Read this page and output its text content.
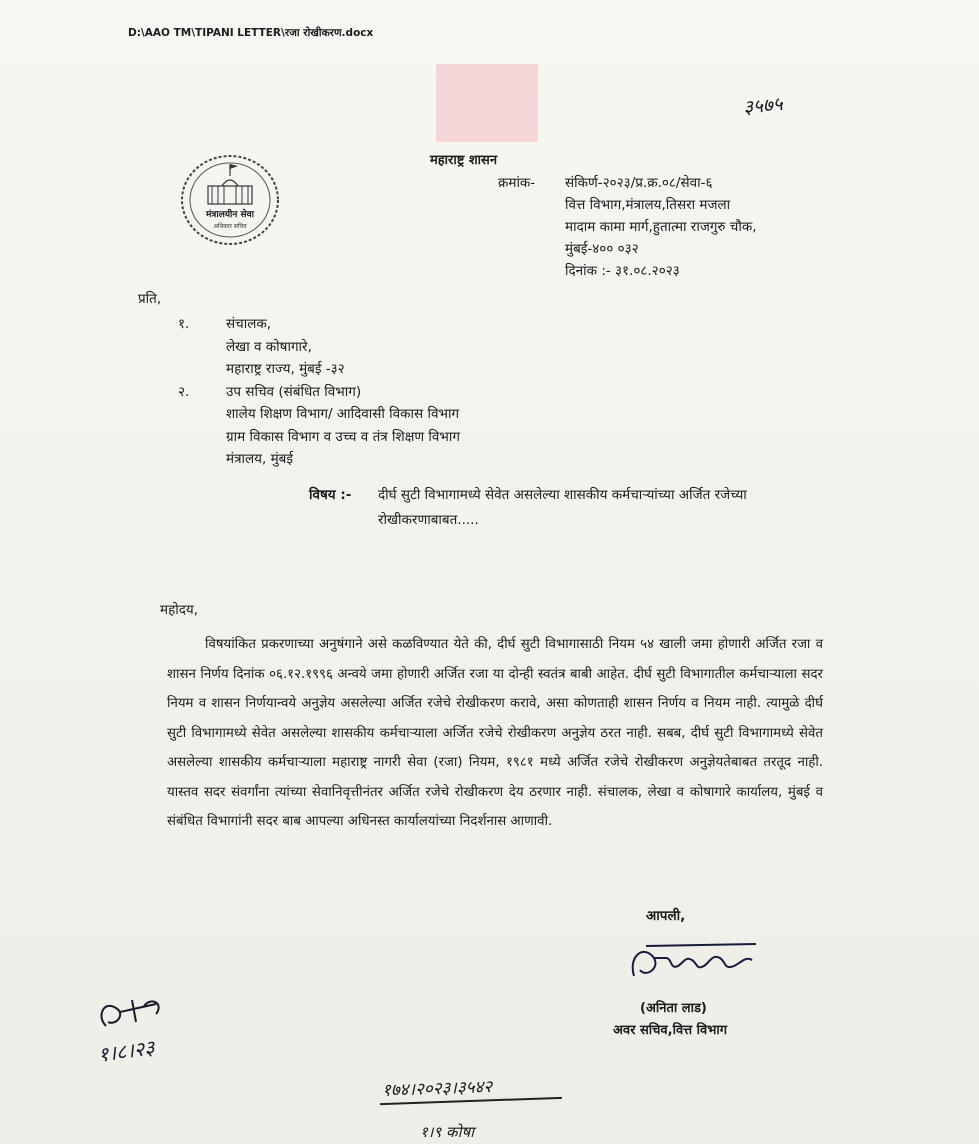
D:\AAO TM\TIPANI LETTER\रजा रोखीकरण.docx
३५७५
मंत्रालयीन सेवा
अधिकार सचिव
महाराष्ट्र शासन
क्रमांक-	संकिर्ण-२०२३/प्र.क्र.०८/सेवा-६
वित्त विभाग,मंत्रालय,तिसरा मजला
मादाम कामा मार्ग,हुतात्मा राजगुरु चौक,
मुंबई-४०० ०३२
दिनांक :- ३१.०८.२०२३
प्रति,
१.	संचालक,
लेखा व कोषागारे,
महाराष्ट्र राज्य, मुंबई -३२
२.	उप सचिव (संबंधित विभाग)
शालेय शिक्षण विभाग/ आदिवासी विकास विभाग
ग्राम विकास विभाग व उच्च व तंत्र शिक्षण विभाग
मंत्रालय, मुंबई
विषय :- दीर्घ सुटी विभागामध्ये सेवेत असलेल्या शासकीय कर्मचाऱ्यांच्या अर्जित रजेच्या रोखीकरणाबाबत.....
महोदय,

विषयांकित प्रकरणाच्या अनुषंगाने असे कळविण्यात येते की, दीर्घ सुटी विभागासाठी नियम ५४ खाली जमा होणारी अर्जित रजा व शासन निर्णय दिनांक ०६.१२.१९९६ अन्वये जमा होणारी अर्जित रजा या दोन्ही स्वतंत्र बाबी आहेत. दीर्घ सुटी विभागातील कर्मचाऱ्याला सदर नियम व शासन निर्णयान्वये अनुज्ञेय असलेल्या अर्जित रजेचे रोखीकरण करावे, असा कोणताही शासन निर्णय व नियम नाही. त्यामुळे दीर्घ सुटी विभागामध्ये सेवेत असलेल्या शासकीय कर्मचाऱ्याला अर्जित रजेचे रोखीकरण अनुज्ञेय ठरत नाही. सबब, दीर्घ सुटी विभागामध्ये सेवेत असलेल्या शासकीय कर्मचाऱ्याला महाराष्ट्र नागरी सेवा (रजा) नियम, १९८१ मध्ये अर्जित रजेचे रोखीकरण अनुज्ञेयतेबाबत तरतूद नाही. यास्तव सदर संवर्गांना त्यांच्या सेवानिवृत्तीनंतर अर्जित रजेचे रोखीकरण देय ठरणार नाही. संचालक, लेखा व कोषागारे कार्यालय, मुंबई व संबंधित विभागांनी सदर बाब आपल्या अधिनस्त कार्यालयांच्या निदर्शनास आणावी.

आपली,
(अनिता लाड)
अवर सचिव,वित्त विभाग
१।८।२३
१७४।२०२३।३५४२
१।९ कोषा
